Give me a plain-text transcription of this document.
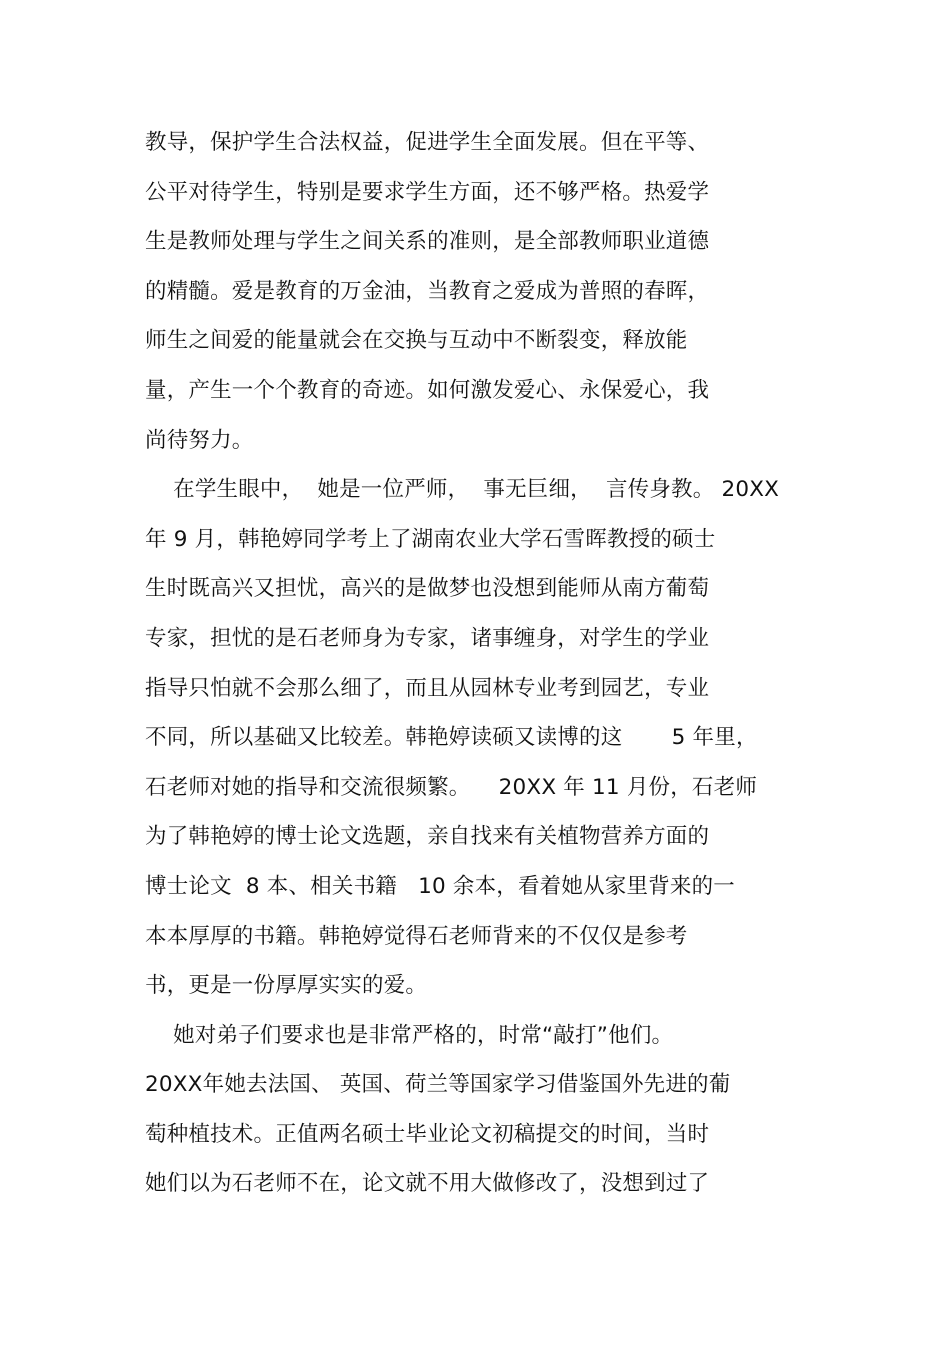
教导，保护学生合法权益，促进学生全面发展。但在平等、
公平对待学生，特别是要求学生方面，还不够严格。热爱学
生是教师处理与学生之间关系的准则，是全部教师职业道德
的精髓。爱是教育的万金油，当教育之爱成为普照的春晖，
师生之间爱的能量就会在交换与互动中不断裂变，释放能
量，产生一个个教育的奇迹。如何激发爱心、永保爱心，我
尚待努力。
在学生眼中，  她是一位严师，  事无巨细，  言传身教。 20XX
年 9 月，韩艳婷同学考上了湖南农业大学石雪晖教授的硕士
生时既高兴又担忧，高兴的是做梦也没想到能师从南方葡萄
专家，担忧的是石老师身为专家，诸事缠身，对学生的学业
指导只怕就不会那么细了，而且从园林专业考到园艺，专业
不同，所以基础又比较差。韩艳婷读硕又读博的这       5 年里，
石老师对她的指导和交流很频繁。    20XX 年 11 月份，石老师
为了韩艳婷的博士论文选题，亲自找来有关植物营养方面的
博士论文  8 本、相关书籍   10 余本，看着她从家里背来的一
本本厚厚的书籍。韩艳婷觉得石老师背来的不仅仅是参考
书，更是一份厚厚实实的爱。
她对弟子们要求也是非常严格的，时常“敲打”他们。
20XX年她去法国、 英国、荷兰等国家学习借鉴国外先进的葡
萄种植技术。正值两名硕士毕业论文初稿提交的时间，当时
她们以为石老师不在，论文就不用大做修改了，没想到过了
